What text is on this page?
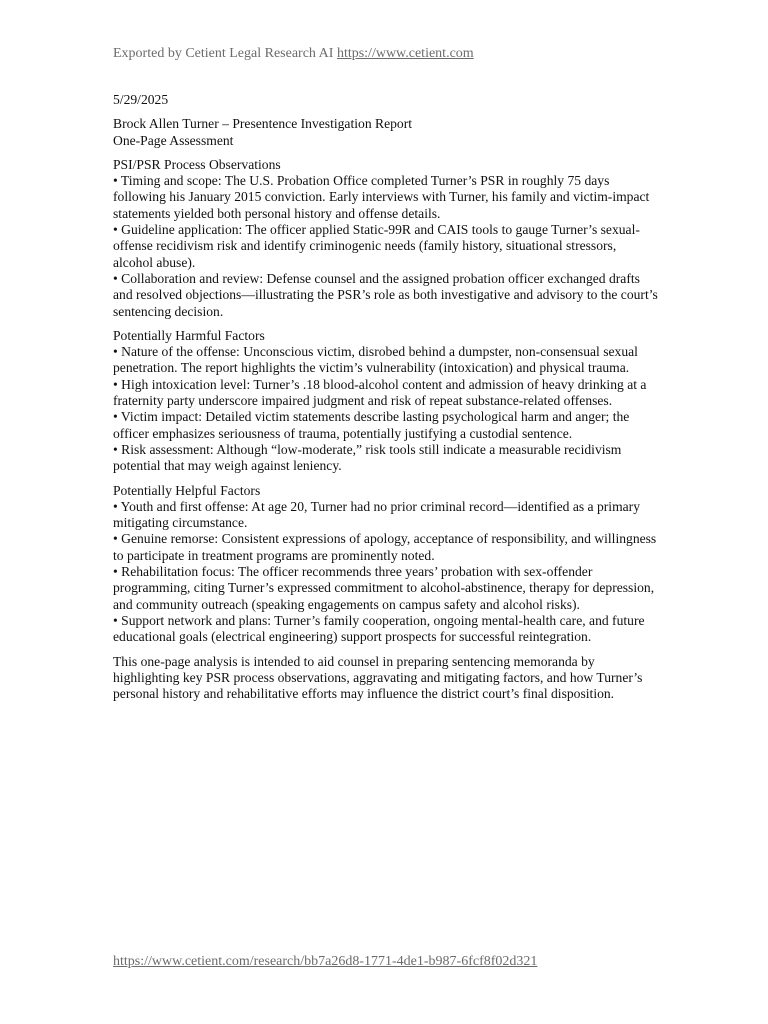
Exported by Cetient Legal Research AI https://www.cetient.com

5/29/2025

Brock Allen Turner – Presentence Investigation Report

One-Page Assessment

PSI/PSR Process Observations

• Timing and scope: The U.S. Probation Office completed Turner’s PSR in roughly 75 days following his January 2015 conviction. Early interviews with Turner, his family and victim-impact statements yielded both personal history and offense details.

• Guideline application: The officer applied Static-99R and CAIS tools to gauge Turner’s sexual-offense recidivism risk and identify criminogenic needs (family history, situational stressors, alcohol abuse).

• Collaboration and review: Defense counsel and the assigned probation officer exchanged drafts and resolved objections—illustrating the PSR’s role as both investigative and advisory to the court’s sentencing decision.

Potentially Harmful Factors

• Nature of the offense: Unconscious victim, disrobed behind a dumpster, non-consensual sexual penetration. The report highlights the victim’s vulnerability (intoxication) and physical trauma.

• High intoxication level: Turner’s .18 blood-alcohol content and admission of heavy drinking at a fraternity party underscore impaired judgment and risk of repeat substance-related offenses.

• Victim impact: Detailed victim statements describe lasting psychological harm and anger; the officer emphasizes seriousness of trauma, potentially justifying a custodial sentence.

• Risk assessment: Although “low-moderate,” risk tools still indicate a measurable recidivism potential that may weigh against leniency.

Potentially Helpful Factors

• Youth and first offense: At age 20, Turner had no prior criminal record—identified as a primary mitigating circumstance.

• Genuine remorse: Consistent expressions of apology, acceptance of responsibility, and willingness to participate in treatment programs are prominently noted.

• Rehabilitation focus: The officer recommends three years’ probation with sex-offender programming, citing Turner’s expressed commitment to alcohol-abstinence, therapy for depression, and community outreach (speaking engagements on campus safety and alcohol risks).

• Support network and plans: Turner’s family cooperation, ongoing mental-health care, and future educational goals (electrical engineering) support prospects for successful reintegration.

This one-page analysis is intended to aid counsel in preparing sentencing memoranda by highlighting key PSR process observations, aggravating and mitigating factors, and how Turner’s personal history and rehabilitative efforts may influence the district court’s final disposition.

https://www.cetient.com/research/bb7a26d8-1771-4de1-b987-6fcf8f02d321
